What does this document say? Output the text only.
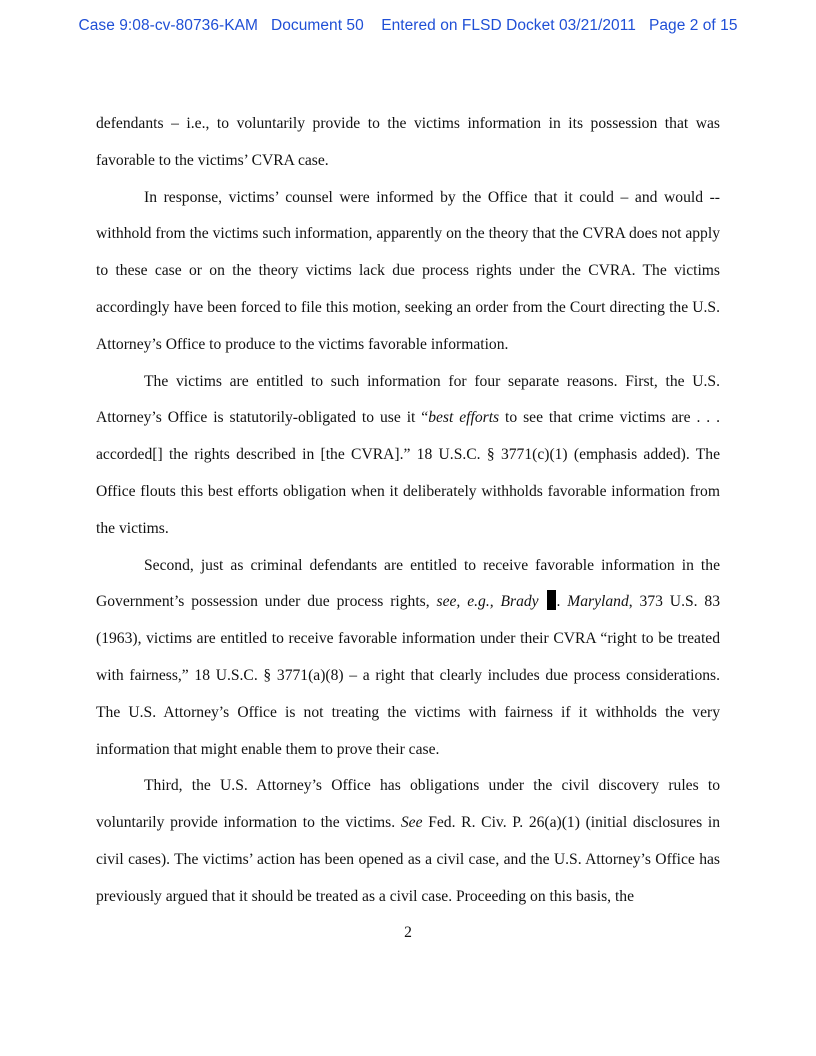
Case 9:08-cv-80736-KAM Document 50 Entered on FLSD Docket 03/21/2011 Page 2 of 15

defendants – i.e., to voluntarily provide to the victims information in its possession that was favorable to the victims’ CVRA case.

In response, victims’ counsel were informed by the Office that it could – and would -- withhold from the victims such information, apparently on the theory that the CVRA does not apply to these case or on the theory victims lack due process rights under the CVRA. The victims accordingly have been forced to file this motion, seeking an order from the Court directing the U.S. Attorney’s Office to produce to the victims favorable information.

The victims are entitled to such information for four separate reasons. First, the U.S. Attorney’s Office is statutorily-obligated to use it “best efforts to see that crime victims are . . . accorded[] the rights described in [the CVRA].” 18 U.S.C. § 3771(c)(1) (emphasis added). The Office flouts this best efforts obligation when it deliberately withholds favorable information from the victims.

Second, just as criminal defendants are entitled to receive favorable information in the Government’s possession under due process rights, see, e.g., Brady . Maryland, 373 U.S. 83 (1963), victims are entitled to receive favorable information under their CVRA “right to be treated with fairness,” 18 U.S.C. § 3771(a)(8) – a right that clearly includes due process considerations. The U.S. Attorney’s Office is not treating the victims with fairness if it withholds the very information that might enable them to prove their case.

Third, the U.S. Attorney’s Office has obligations under the civil discovery rules to voluntarily provide information to the victims. See Fed. R. Civ. P. 26(a)(1) (initial disclosures in civil cases). The victims’ action has been opened as a civil case, and the U.S. Attorney’s Office has previously argued that it should be treated as a civil case. Proceeding on this basis, the

2
